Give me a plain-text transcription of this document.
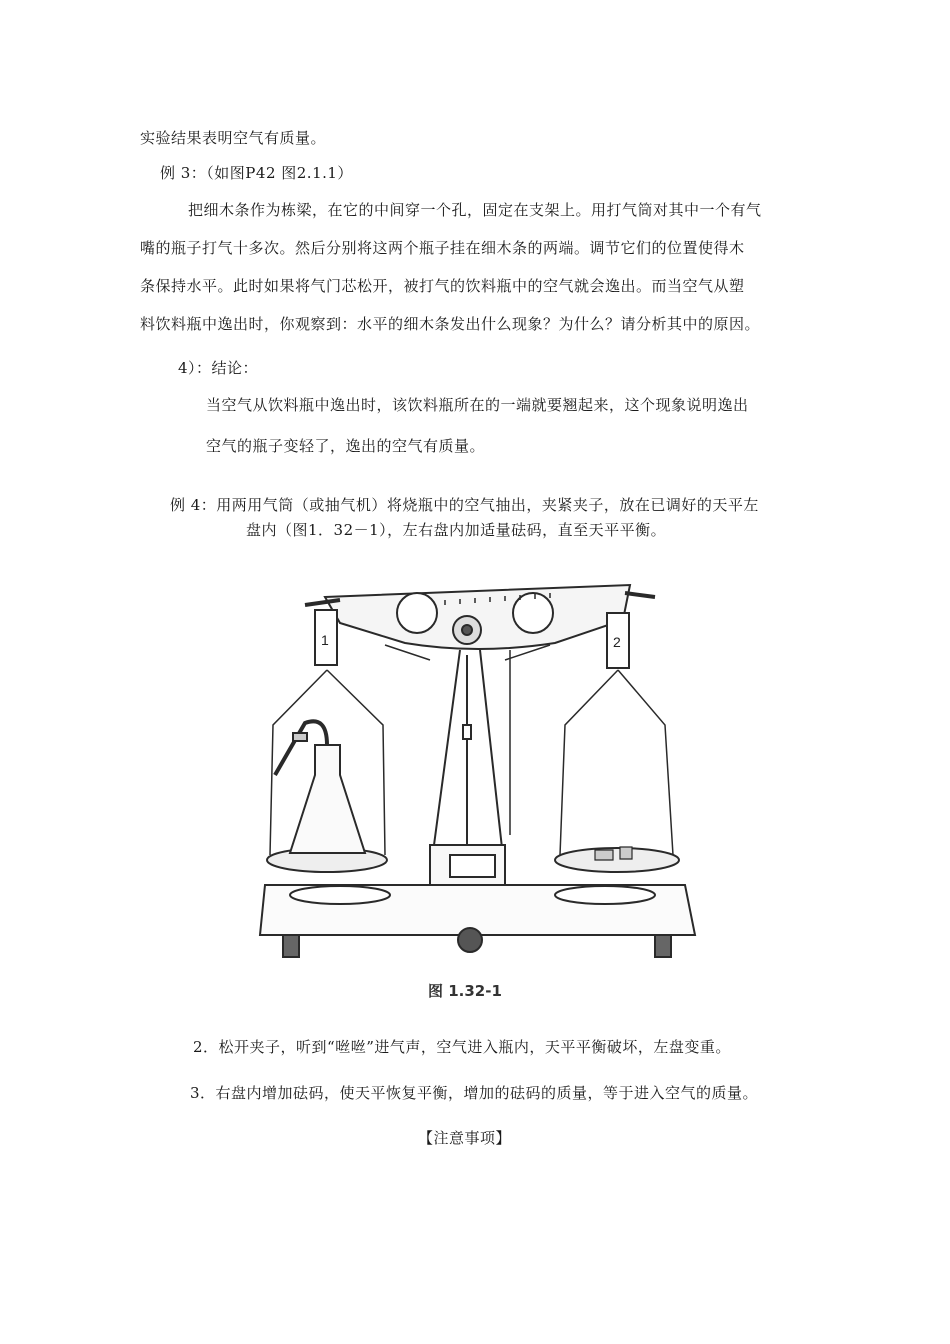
实验结果表明空气有质量。
例 3：（如图P42 图2.1.1）
把细木条作为栋梁，在它的中间穿一个孔，固定在支架上。用打气筒对其中一个有气
嘴的瓶子打气十多次。然后分别将这两个瓶子挂在细木条的两端。调节它们的位置使得木
条保持水平。此时如果将气门芯松开，被打气的饮料瓶中的空气就会逸出。而当空气从塑
料饮料瓶中逸出时，你观察到：水平的细木条发出什么现象？为什么？请分析其中的原因。
4）：结论：
当空气从饮料瓶中逸出时，该饮料瓶所在的一端就要翘起来，这个现象说明逸出
空气的瓶子变轻了，逸出的空气有质量。
例 4：用两用气筒（或抽气机）将烧瓶中的空气抽出，夹紧夹子，放在已调好的天平左
盘内（图1．32－1），左右盘内加适量砝码，直至天平平衡。
1	2
图 1.32-1
2．松开夹子，听到“咝咝”进气声，空气进入瓶内，天平平衡破坏，左盘变重。
3．右盘内增加砝码，使天平恢复平衡，增加的砝码的质量，等于进入空气的质量。
【注意事项】
